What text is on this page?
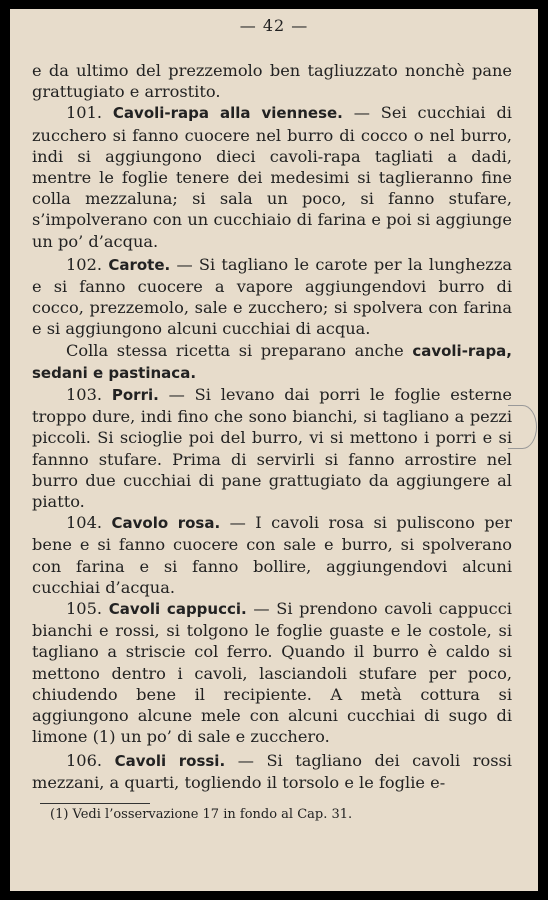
— 42 —

e da ultimo del prezzemolo ben tagliuzzato nonchè pane grattugiato e arrostito.

101. Cavoli-rapa alla viennese. — Sei cucchiai di zucchero si fanno cuocere nel burro di cocco o nel burro, indi si aggiungono dieci cavoli-rapa tagliati a dadi, mentre le foglie tenere dei medesimi si taglieranno fine colla mezzaluna; si sala un poco, si fanno stufare, s’impolverano con un cucchiaio di farina e poi si aggiunge un po’ d’acqua.

102. Carote. — Si tagliano le carote per la lunghezza e si fanno cuocere a vapore aggiungendovi burro di cocco, prezzemolo, sale e zucchero; si spolvera con farina e si aggiungono alcuni cucchiai di acqua.

Colla stessa ricetta si preparano anche cavoli-rapa, sedani e pastinaca.

103. Porri. — Si levano dai porri le foglie esterne troppo dure, indi fino che sono bianchi, si tagliano a pezzi piccoli. Si scioglie poi del burro, vi si mettono i porri e si fannno stufare. Prima di servirli si fanno arrostire nel burro due cucchiai di pane grattugiato da aggiungere al piatto.

104. Cavolo rosa. — I cavoli rosa si puliscono per bene e si fanno cuocere con sale e burro, si spolverano con farina e si fanno bollire, aggiungendovi alcuni cucchiai d’acqua.

105. Cavoli cappucci. — Si prendono cavoli cappucci bianchi e rossi, si tolgono le foglie guaste e le costole, si tagliano a striscie col ferro. Quando il burro è caldo si mettono dentro i cavoli, lasciandoli stufare per poco, chiudendo bene il recipiente. A metà cottura si aggiungono alcune mele con alcuni cucchiai di sugo di limone (1) un po’ di sale e zucchero.

106. Cavoli rossi. — Si tagliano dei cavoli rossi mezzani, a quarti, togliendo il torsolo e le foglie e-

(1) Vedi l’osservazione 17 in fondo al Cap. 31.
